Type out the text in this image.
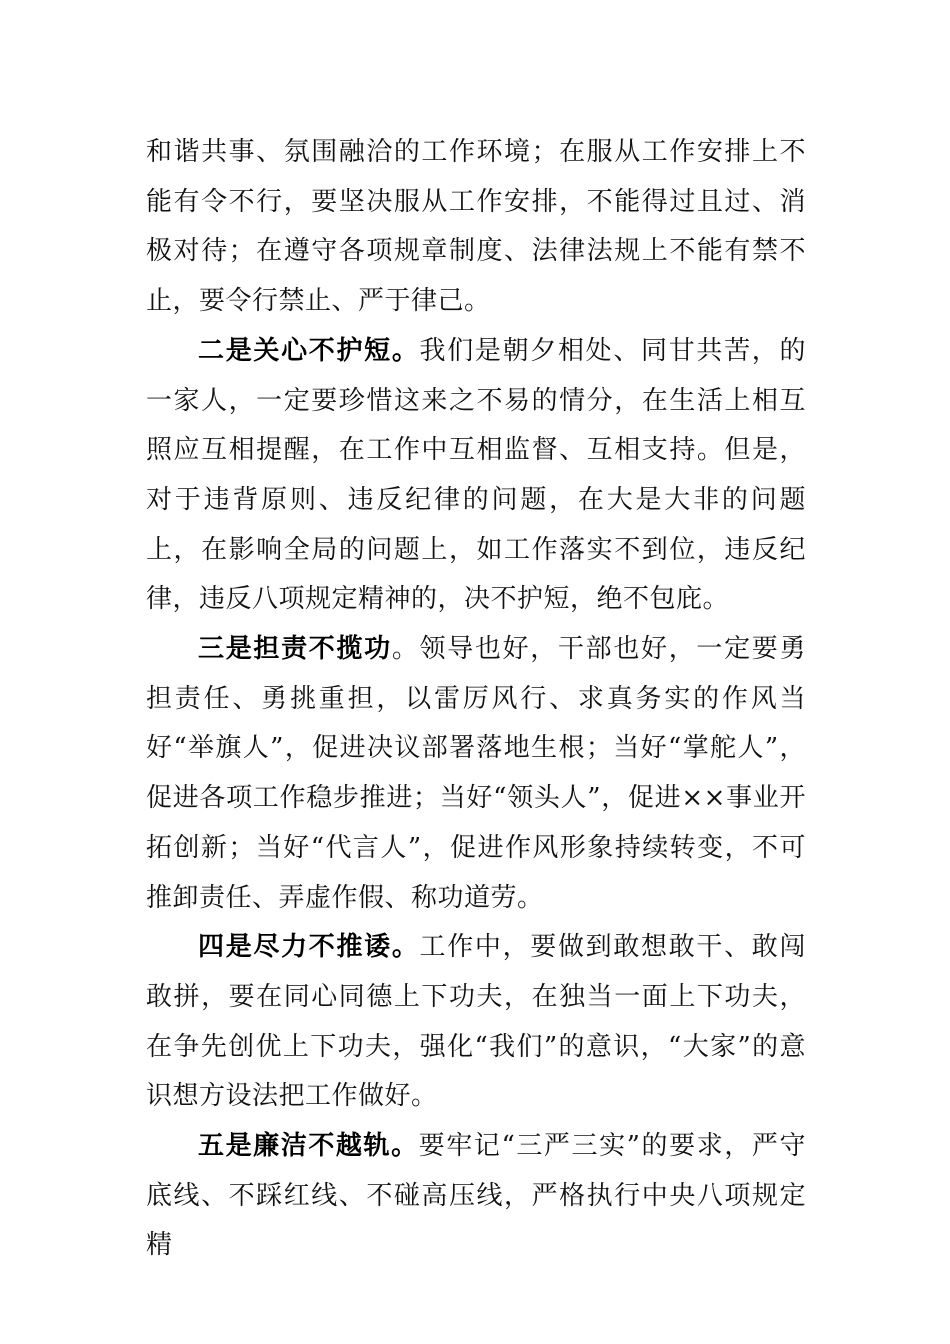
和谐共事、氛围融洽的工作环境；在服从工作安排上不能有令不行，要坚决服从工作安排，不能得过且过、消极对待；在遵守各项规章制度、法律法规上不能有禁不止，要令行禁止、严于律己。

二是关心不护短。我们是朝夕相处、同甘共苦，的一家人，一定要珍惜这来之不易的情分，在生活上相互照应互相提醒，在工作中互相监督、互相支持。但是，对于违背原则、违反纪律的问题，在大是大非的问题上，在影响全局的问题上，如工作落实不到位，违反纪律，违反八项规定精神的，决不护短，绝不包庇。

三是担责不揽功。领导也好，干部也好，一定要勇担责任、勇挑重担，以雷厉风行、求真务实的作风当好“举旗人”，促进决议部署落地生根；当好“掌舵人”，促进各项工作稳步推进；当好“领头人”，促进××事业开拓创新；当好“代言人”，促进作风形象持续转变，不可推卸责任、弄虚作假、称功道劳。

四是尽力不推诿。工作中，要做到敢想敢干、敢闯敢拼，要在同心同德上下功夫，在独当一面上下功夫，在争先创优上下功夫，强化“我们”的意识，“大家”的意识想方设法把工作做好。

五是廉洁不越轨。要牢记“三严三实”的要求，严守底线、不踩红线、不碰高压线，严格执行中央八项规定精
